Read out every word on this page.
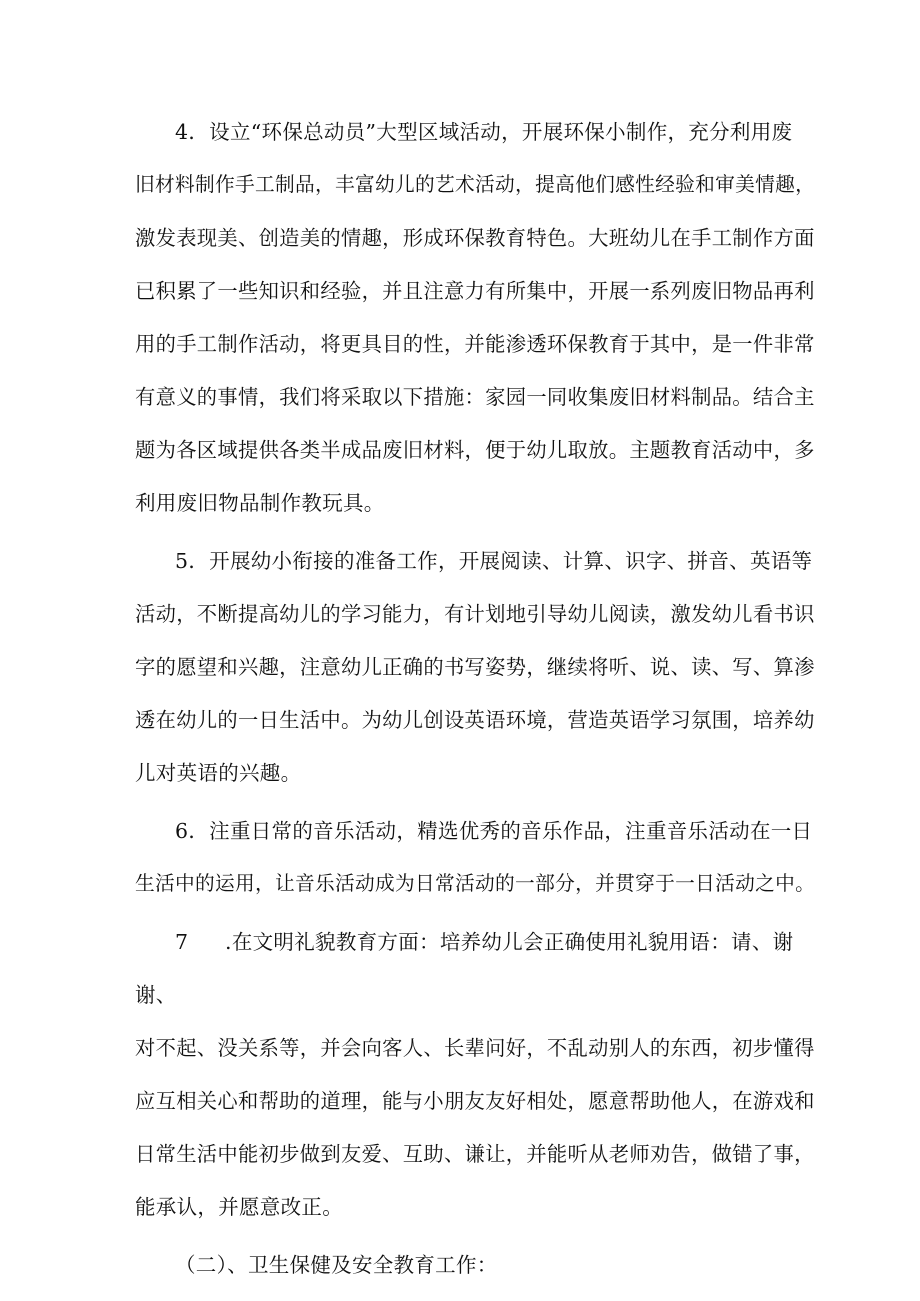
4．设立“环保总动员”大型区域活动，开展环保小制作，充分利用废
旧材料制作手工制品，丰富幼儿的艺术活动，提高他们感性经验和审美情趣，
激发表现美、创造美的情趣，形成环保教育特色。大班幼儿在手工制作方面
已积累了一些知识和经验，并且注意力有所集中，开展一系列废旧物品再利
用的手工制作活动，将更具目的性，并能渗透环保教育于其中，是一件非常
有意义的事情，我们将采取以下措施：家园一同收集废旧材料制品。结合主
题为各区域提供各类半成品废旧材料，便于幼儿取放。主题教育活动中，多
利用废旧物品制作教玩具。
5．开展幼小衔接的准备工作，开展阅读、计算、识字、拼音、英语等
活动，不断提高幼儿的学习能力，有计划地引导幼儿阅读，激发幼儿看书识
字的愿望和兴趣，注意幼儿正确的书写姿势，继续将听、说、读、写、算渗
透在幼儿的一日生活中。为幼儿创设英语环境，营造英语学习氛围，培养幼
儿对英语的兴趣。
6．注重日常的音乐活动，精选优秀的音乐作品，注重音乐活动在一日
生活中的运用，让音乐活动成为日常活动的一部分，并贯穿于一日活动之中。
7 .在文明礼貌教育方面：培养幼儿会正确使用礼貌用语：请、谢
谢、
对不起、没关系等，并会向客人、长辈问好，不乱动别人的东西，初步懂得
应互相关心和帮助的道理，能与小朋友友好相处，愿意帮助他人，在游戏和
日常生活中能初步做到友爱、互助、谦让，并能听从老师劝告，做错了事，
能承认，并愿意改正。
（二）、卫生保健及安全教育工作：
